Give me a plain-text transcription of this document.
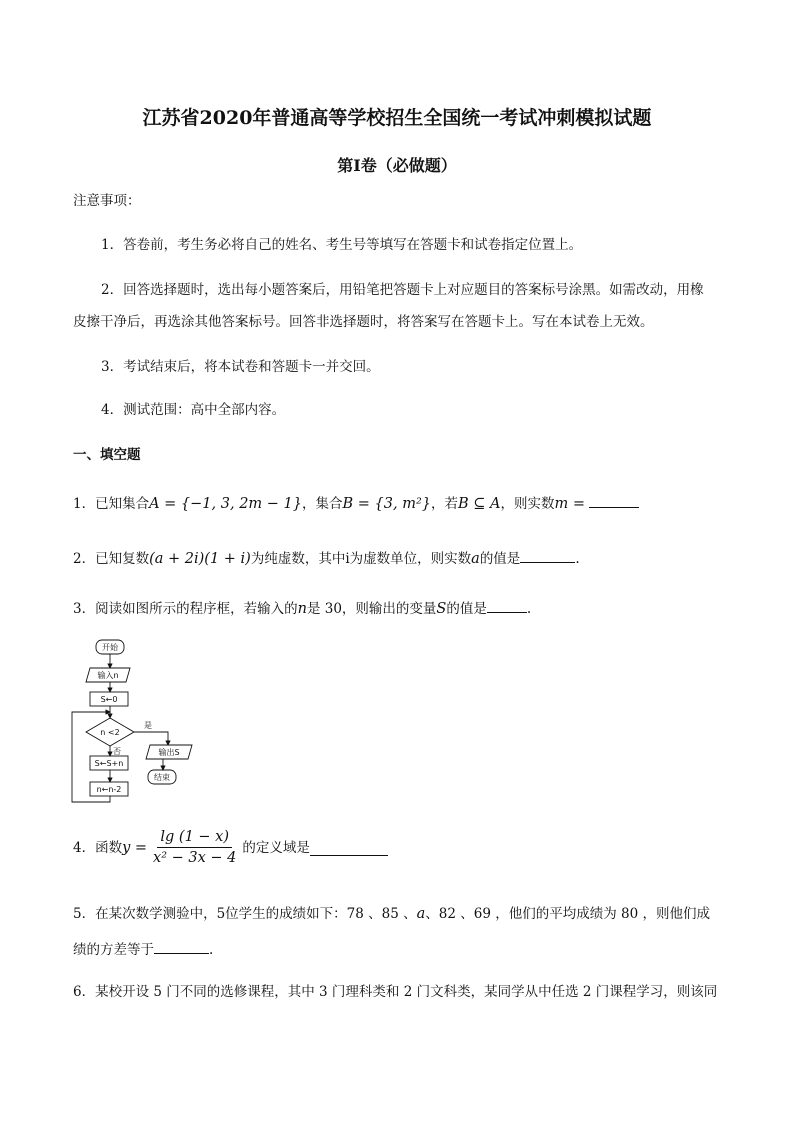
江苏省2020年普通高等学校招生全国统一考试冲刺模拟试题
第I卷（必做题）
注意事项：
1．答卷前，考生务必将自己的姓名、考生号等填写在答题卡和试卷指定位置上。
2．回答选择题时，选出每小题答案后，用铅笔把答题卡上对应题目的答案标号涂黑。如需改动，用橡
皮擦干净后，再选涂其他答案标号。回答非选择题时，将答案写在答题卡上。写在本试卷上无效。
3．考试结束后，将本试卷和答题卡一并交回。
4．测试范围：高中全部内容。
一、填空题
1．已知集合A = {−1, 3, 2m − 1}，集合B = {3, m²}，若B ⊆ A，则实数m =
2．已知复数(a + 2i)(1 + i)为纯虚数，其中i为虚数单位，则实数a的值是	.
3．阅读如图所示的程序框，若输入的n是 30，则输出的变量S的值是	.
开始
输入n
S←0
n <2
是
否
S←S+n
n←n-2
输出S
结束
4．函数 $y = \frac{\lg (1 - x)}{\text{x² − 3x − 4}}$ 的定义域是
5．在某次数学测验中，5位学生的成绩如下：78 、85 、a、82 、69 ，他们的平均成绩为 80 ，则他们成
绩的方差等于	.
6．某校开设 5 门不同的选修课程，其中 3 门理科类和 2 门文科类，某同学从中任选 2 门课程学习，则该同
